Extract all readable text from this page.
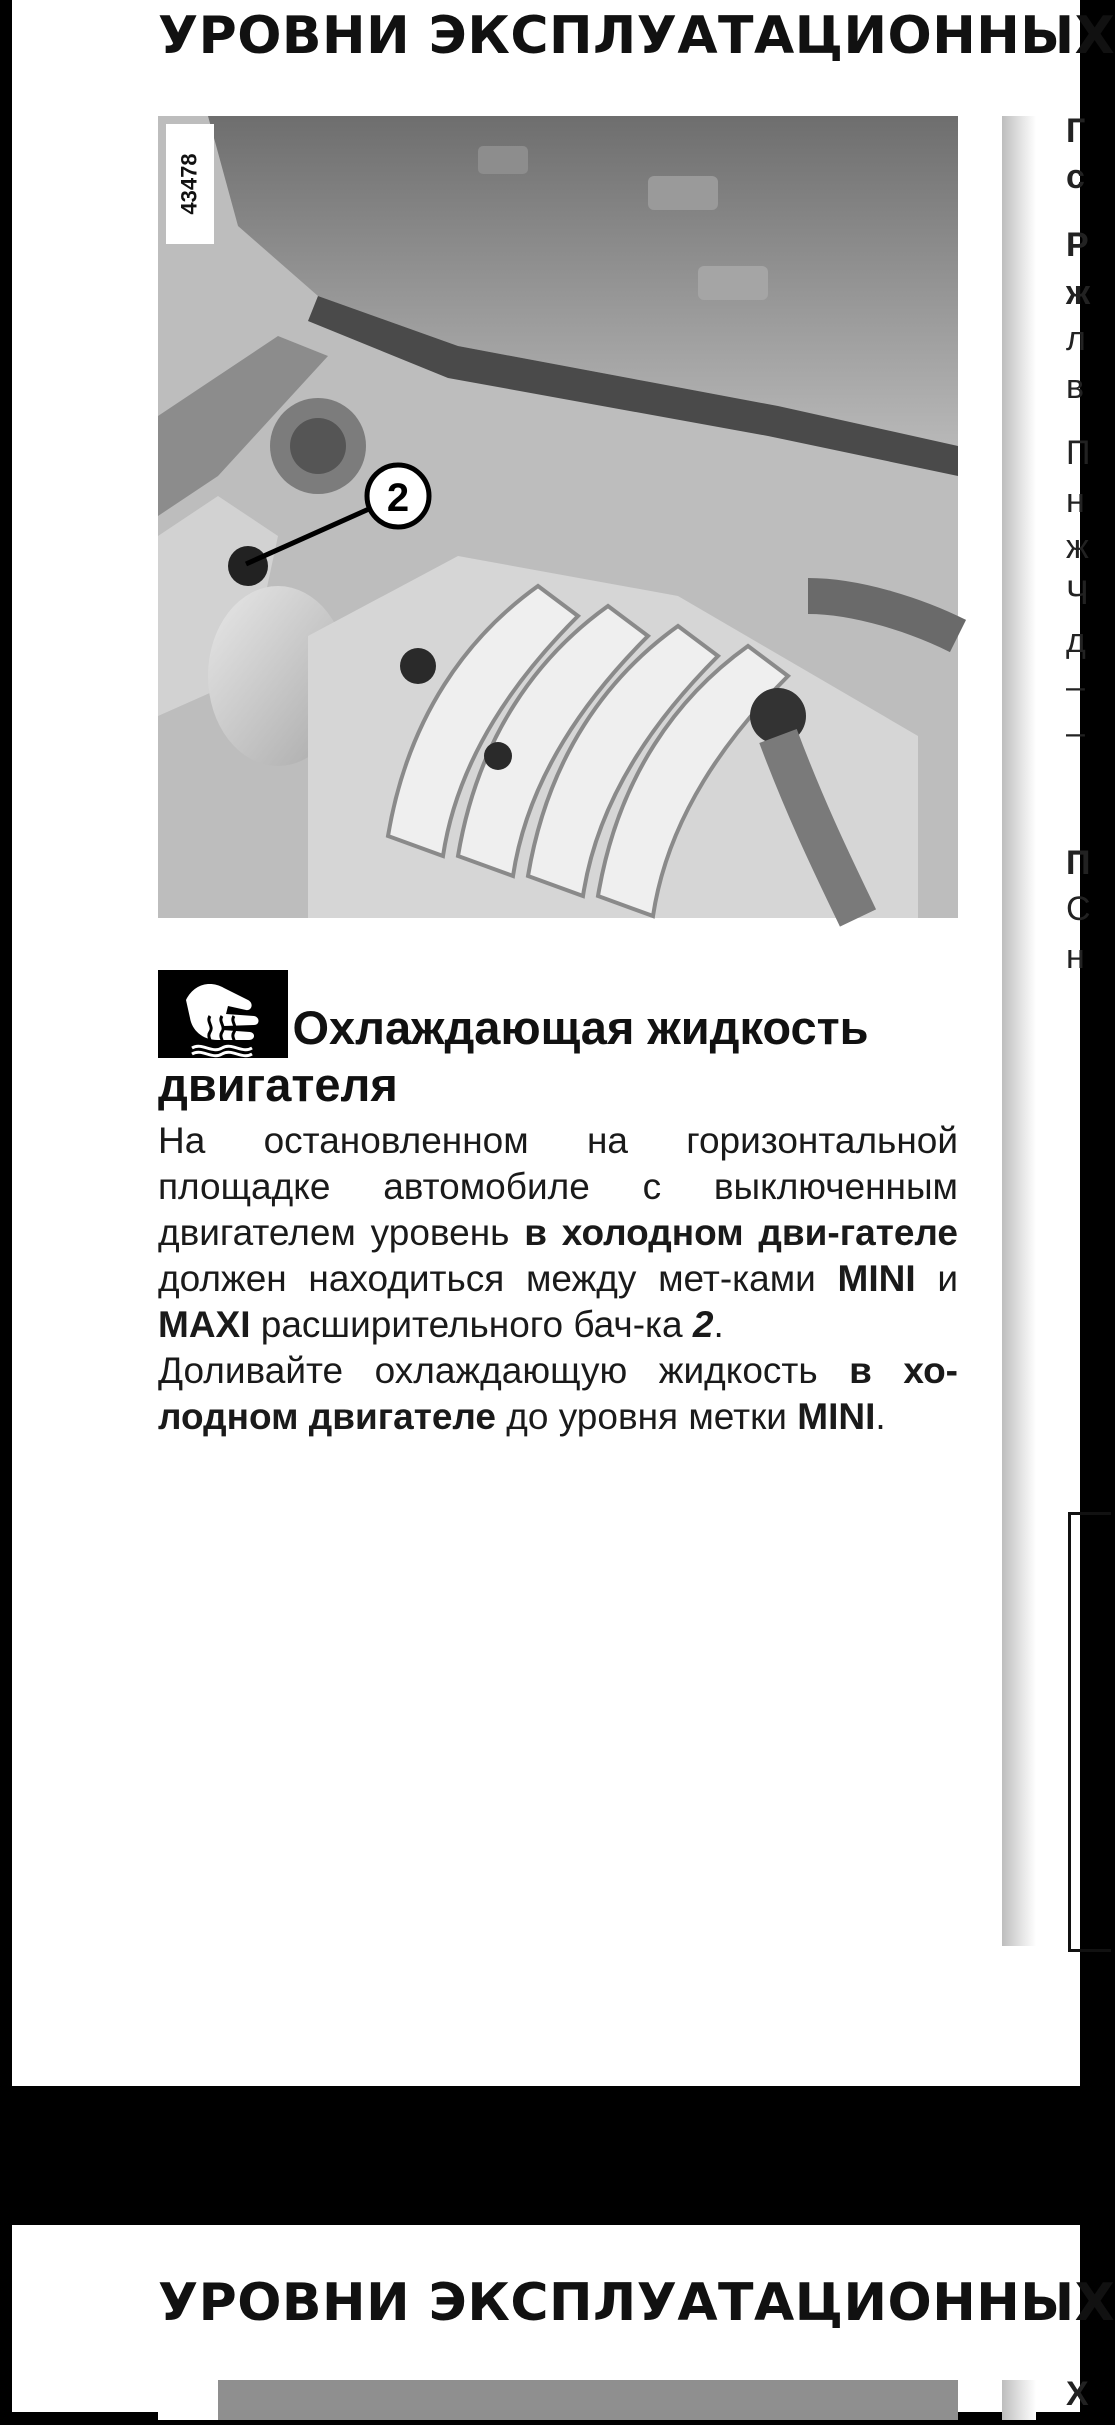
УРОВНИ ЭКСПЛУАТАЦИОННЫХ
2
43478
Г
с
Р
ж
л
в
П
н
ж
Ч
д
–
–
П
С
н
Охлаждающая жидкость двигателя

На остановленном на горизонтальной площадке автомобиле с выключенным двигателем уровень в холодном дви-гателе должен находиться между мет-ками MINI и MAXI расширительного бач-ка 2.

Доливайте охлаждающую жидкость в хо-лодном двигателе до уровня метки MINI.

УРОВНИ ЭКСПЛУАТАЦИОННЫХ
Х
